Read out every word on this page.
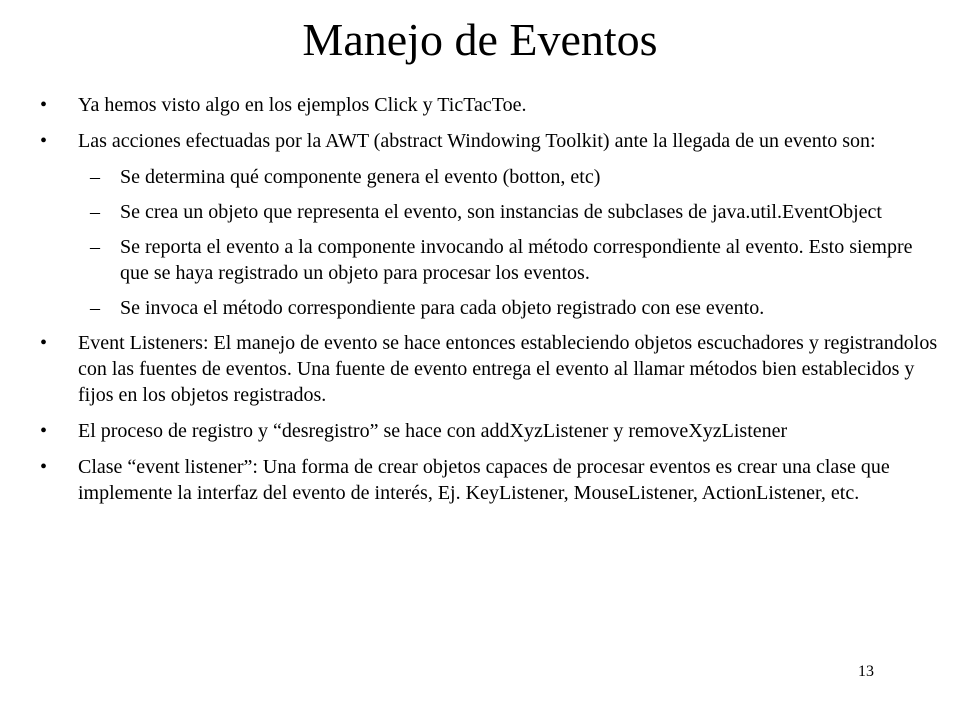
Manejo de Eventos
•	Ya hemos visto algo en los ejemplos Click y TicTacToe.
•	Las acciones efectuadas por la AWT (abstract Windowing Toolkit) ante la llegada de un evento son:
–	Se determina qué componente genera el evento (botton, etc)
–	Se crea un objeto que representa el evento, son instancias de subclases de java.util.EventObject
–	Se reporta el evento a la componente invocando al método correspondiente al evento. Esto siempre que se haya registrado un objeto para procesar los eventos.
–	Se invoca el método correspondiente para cada objeto registrado con ese evento.
•	Event Listeners: El manejo de evento se hace entonces estableciendo objetos escuchadores y registrandolos con las fuentes de eventos. Una fuente de evento entrega el evento al llamar métodos bien establecidos y fijos en los objetos registrados.
•	El proceso de registro y “desregistro” se hace con addXyzListener y removeXyzListener
•	Clase “event listener”: Una forma de crear objetos capaces de procesar eventos es crear una clase que implemente la interfaz del evento de interés, Ej. KeyListener, MouseListener, ActionListener, etc.
13
